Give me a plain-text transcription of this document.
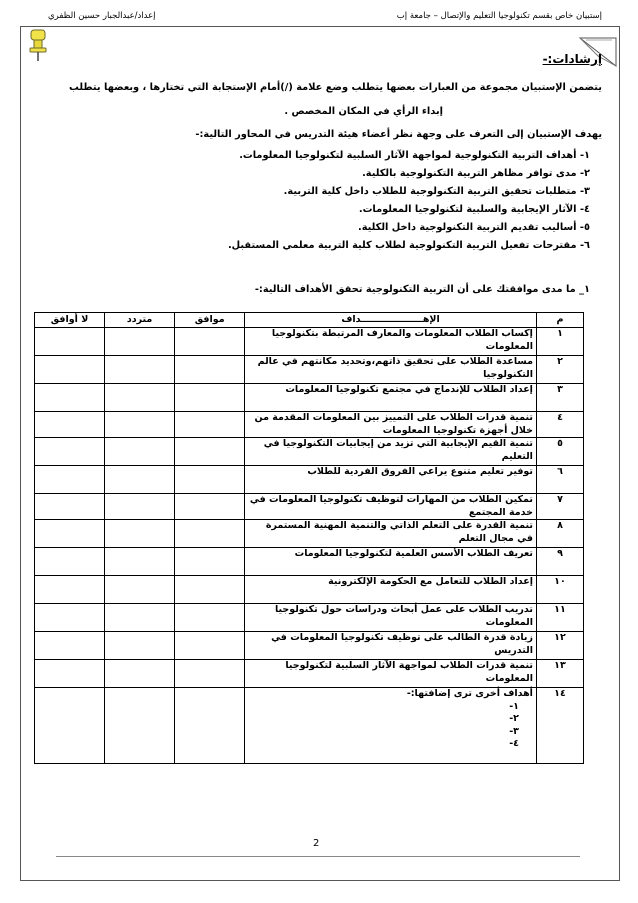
إعداد/عبدالجبار حسين الظفري	إستبيان خاص بقسم تكنولوجيا التعليم والإتصال – جامعة إب
إرشادات:-
يتضمن الإستبيان مجموعة من العبارات بعضها يتطلب وضع علامة (/)أمام الإستجابة التي تختارها ، وبعضها يتطلب
إبداء الرأي في المكان المخصص .
يهدف الإستبيان إلى التعرف على وجهة نظر أعضاء هيئة التدريس في المحاور التالية:-
١- أهداف التربية التكنولوجية لمواجهة الآثار السلبية لتكنولوجيا المعلومات.
٢- مدى توافر مظاهر التربية التكنولوجية بالكلية.
٣- متطلبات تحقيق التربية التكنولوجية للطلاب داخل كلية التربية.
٤- الآثار الإيجابية والسلبية لتكنولوجيا المعلومات.
٥- أساليب تقديم التربية التكنولوجية داخل الكلية.
٦- مقترحات تفعيل التربية التكنولوجية لطلاب كلية التربية معلمي المستقبل.
١_ ما مدى موافقتك على أن التربية التكنولوجية تحقق الأهداف التالية:-
م	الإهـــــــــــــــــــداف	موافق	متردد	لا أوافق
١	إكساب الطلاب المعلومات والمعارف المرتبطة بتكنولوجيا المعلومات			
٢	مساعدة الطلاب على تحقيق ذاتهم،وتحديد مكانتهم في عالم التكنولوجيا			
٣	إعداد الطلاب للإندماج في مجتمع تكنولوجيا المعلومات			
٤	تنمية قدرات الطلاب على التمييز بين المعلومات المقدمة من خلال أجهزة تكنولوجيا المعلومات			
٥	تنمية القيم الإيجابية التي تزيد من إيجابيات التكنولوجيا في التعليم			
٦	توفير تعليم متنوع يراعي الفروق الفردية للطلاب			
٧	تمكين الطلاب من المهارات لتوظيف تكنولوجيا المعلومات في خدمة المجتمع			
٨	تنمية القدرة على التعلم الذاتي والتنمية المهنية المستمرة في مجال التعلم			
٩	تعريف الطلاب الأسس العلمية لتكنولوجيا المعلومات			
١٠	إعداد الطلاب للتعامل مع الحكومة الإلكترونية			
١١	تدريب الطلاب على عمل أبحاث ودراسات حول تكنولوجيا المعلومات			
١٢	زيادة قدرة الطالب على توظيف تكنولوجيا المعلومات في التدريس			
١٣	تنمية قدرات الطلاب لمواجهة الآثار السلبية لتكنولوجيا المعلومات			
١٤	أهداف أخرى ترى إضافتها:-
١-
٢-
٣-
٤-			

2
